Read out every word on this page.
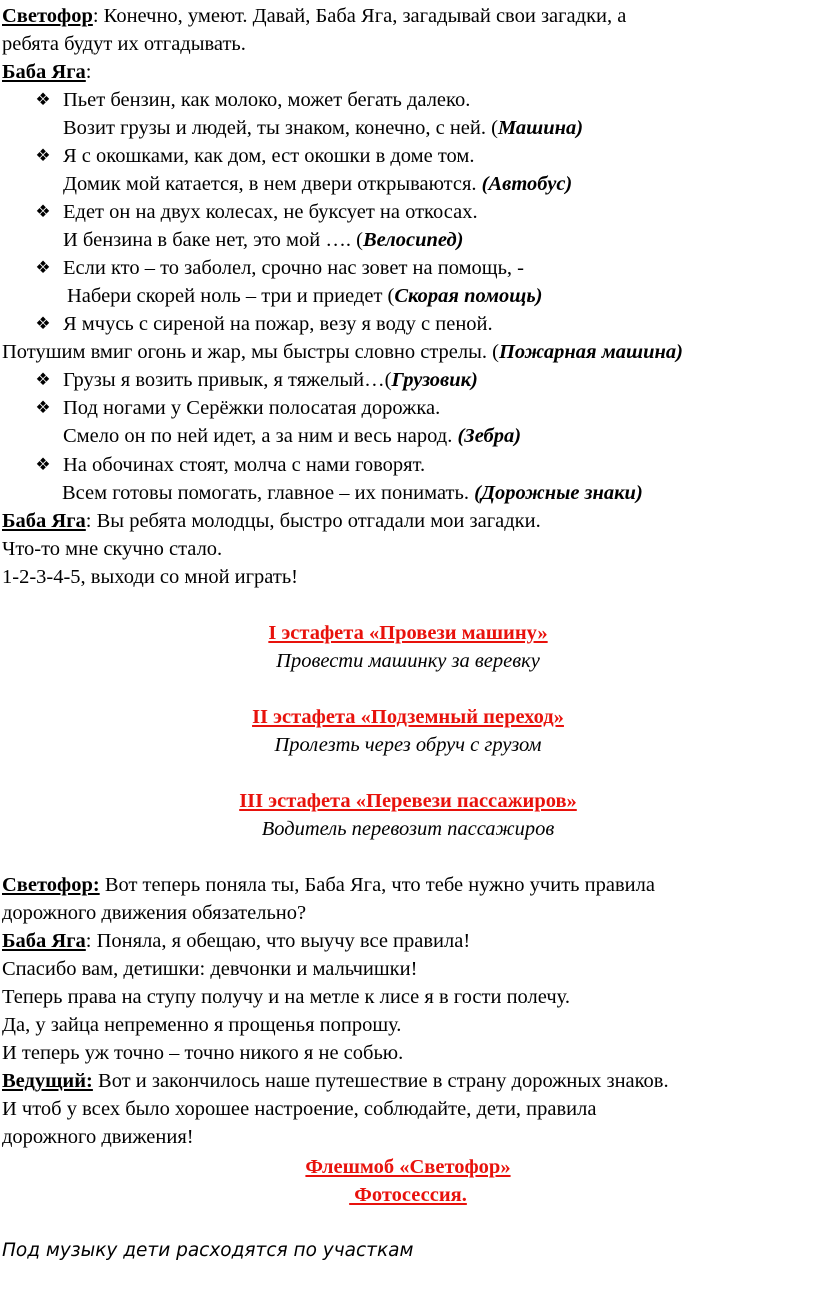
Светофор: Конечно, умеют. Давай, Баба Яга, загадывай свои загадки, а
ребята будут их отгадывать.
Баба Яга:
❖ Пьет бензин, как молоко, может бегать далеко.
Возит грузы и людей, ты знаком, конечно, с ней. (Машина)
❖ Я с окошками, как дом, ест окошки в доме том.
Домик мой катается, в нем двери открываются. (Автобус)
❖ Едет он на двух колесах, не буксует на откосах.
И бензина в баке нет, это мой …. (Велосипед)
❖ Если кто – то заболел, срочно нас зовет на помощь, -
Набери скорей ноль – три и приедет (Скорая помощь)
❖ Я мчусь с сиреной на пожар, везу я воду с пеной.
Потушим вмиг огонь и жар, мы быстры словно стрелы. (Пожарная машина)
❖ Грузы я возить привык, я тяжелый…(Грузовик)
❖ Под ногами у Серёжки полосатая дорожка.
Смело он по ней идет, а за ним и весь народ. (Зебра)
❖ На обочинах стоят, молча с нами говорят.
Всем готовы помогать, главное – их понимать. (Дорожные знаки)
Баба Яга: Вы ребята молодцы, быстро отгадали мои загадки.
Что-то мне скучно стало.
1-2-3-4-5, выходи со мной играть!
I эстафета «Провези машину»
Провести машинку за веревку
II эстафета «Подземный переход»
Пролезть через обруч с грузом
III эстафета «Перевези пассажиров»
Водитель перевозит пассажиров
Светофор: Вот теперь поняла ты, Баба Яга, что тебе нужно учить правила
дорожного движения обязательно?
Баба Яга: Поняла, я обещаю, что выучу все правила!
Спасибо вам, детишки: девчонки и мальчишки!
Теперь права на ступу получу и на метле к лисе я в гости полечу.
Да, у зайца непременно я прощенья попрошу.
И теперь уж точно – точно никого я не собью.
Ведущий: Вот и закончилось наше путешествие в страну дорожных знаков.
И чтоб у всех было хорошее настроение, соблюдайте, дети, правила
дорожного движения!
Флешмоб «Светофор»
Фотосессия.
Под музыку дети расходятся по участкам
